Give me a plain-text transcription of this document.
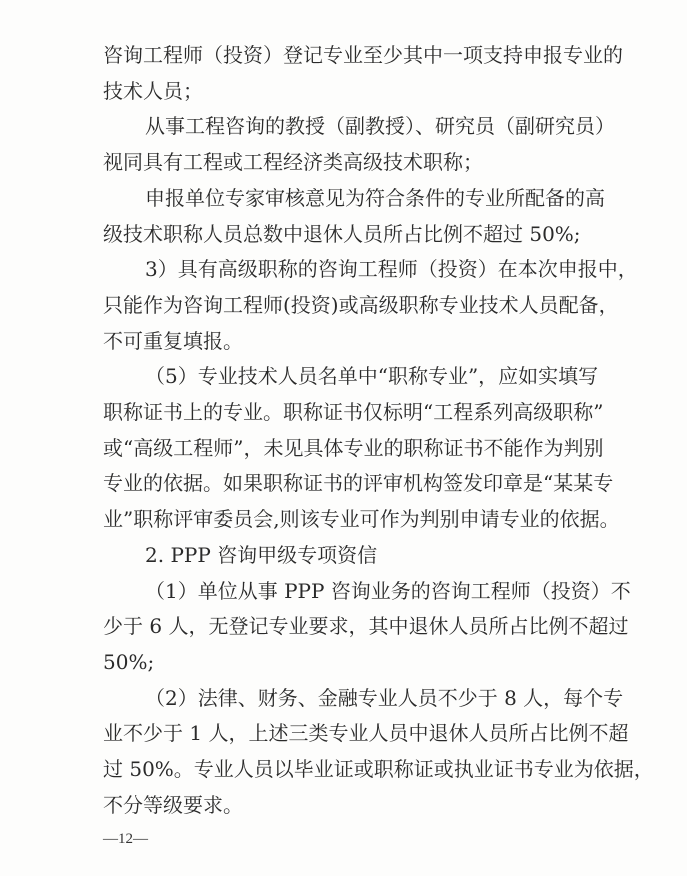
—12—
咨询工程师（投资）登记专业至少其中一项支持申报专业的
技术人员；
从事工程咨询的教授（副教授）、研究员（副研究员）
视同具有工程或工程经济类高级技术职称；
申报单位专家审核意见为符合条件的专业所配备的高
级技术职称人员总数中退休人员所占比例不超过 50%;
3）具有高级职称的咨询工程师（投资）在本次申报中，
只能作为咨询工程师(投资)或高级职称专业技术人员配备，
不可重复填报。
（5）专业技术人员名单中“职称专业”，应如实填写
职称证书上的专业。职称证书仅标明“工程系列高级职称”
或“高级工程师”，未见具体专业的职称证书不能作为判别
专业的依据。如果职称证书的评审机构签发印章是“某某专
业”职称评审委员会,则该专业可作为判别申请专业的依据。
2. PPP 咨询甲级专项资信
（1）单位从事 PPP 咨询业务的咨询工程师（投资）不
少于 6 人，无登记专业要求，其中退休人员所占比例不超过
50%;
（2）法律、财务、金融专业人员不少于 8 人，每个专
业不少于 1 人，上述三类专业人员中退休人员所占比例不超
过 50%。专业人员以毕业证或职称证或执业证书专业为依据，
不分等级要求。
